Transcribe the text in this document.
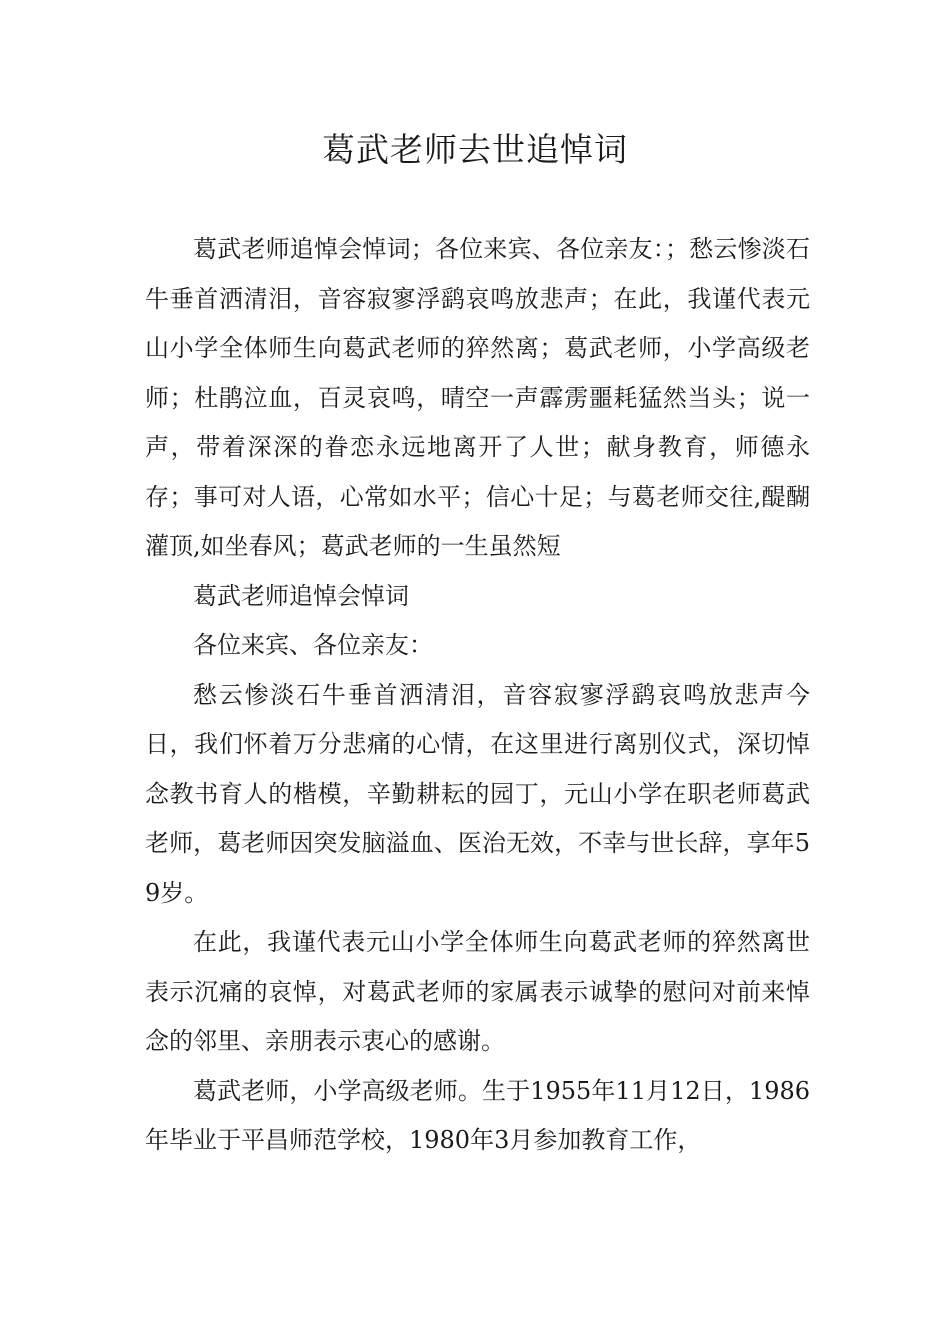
葛武老师去世追悼词

葛武老师追悼会悼词；各位来宾、各位亲友：；愁云惨淡石牛垂首洒清泪，音容寂寥浮鹞哀鸣放悲声；在此，我谨代表元山小学全体师生向葛武老师的猝然离；葛武老师，小学高级老师；杜鹃泣血，百灵哀鸣，晴空一声霹雳噩耗猛然当头；说一声，带着深深的眷恋永远地离开了人世；献身教育，师德永存；事可对人语，心常如水平；信心十足；与葛老师交往,醍醐灌顶,如坐春风；葛武老师的一生虽然短

葛武老师追悼会悼词

各位来宾、各位亲友：

愁云惨淡石牛垂首洒清泪，音容寂寥浮鹞哀鸣放悲声今日，我们怀着万分悲痛的心情，在这里进行离别仪式，深切悼念教书育人的楷模，辛勤耕耘的园丁，元山小学在职老师葛武老师，葛老师因突发脑溢血、医治无效，不幸与世长辞，享年59岁。

在此，我谨代表元山小学全体师生向葛武老师的猝然离世表示沉痛的哀悼，对葛武老师的家属表示诚挚的慰问对前来悼念的邻里、亲朋表示衷心的感谢。

葛武老师，小学高级老师。生于1955年11月12日，1986 年毕业于平昌师范学校，1980年3月参加教育工作，
